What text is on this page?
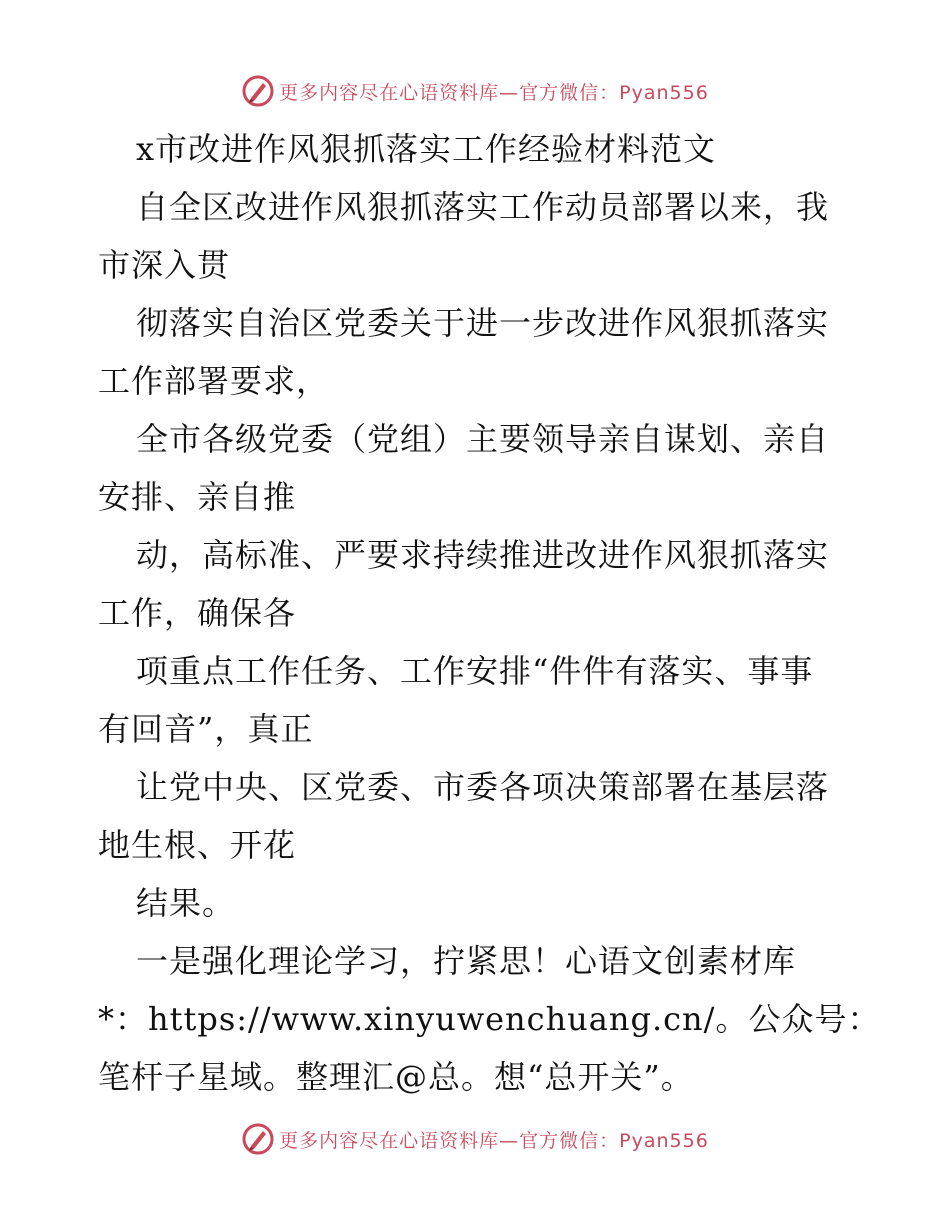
更多内容尽在心语资料库—官方微信：Pyan556
x市改进作风狠抓落实工作经验材料范文
自全区改进作风狠抓落实工作动员部署以来，我
市深入贯
彻落实自治区党委关于进一步改进作风狠抓落实
工作部署要求，
全市各级党委（党组）主要领导亲自谋划、亲自
安排、亲自推
动，高标准、严要求持续推进改进作风狠抓落实
工作，确保各
项重点工作任务、工作安排“件件有落实、事事
有回音”，真正
让党中央、区党委、市委各项决策部署在基层落
地生根、开花
结果。
一是强化理论学习，拧紧思！心语文创素材库
*：https://www.xinyuwenchuang.cn/。公众号：
笔杆子星域。整理汇@总。想“总开关”。
更多内容尽在心语资料库—官方微信：Pyan556
